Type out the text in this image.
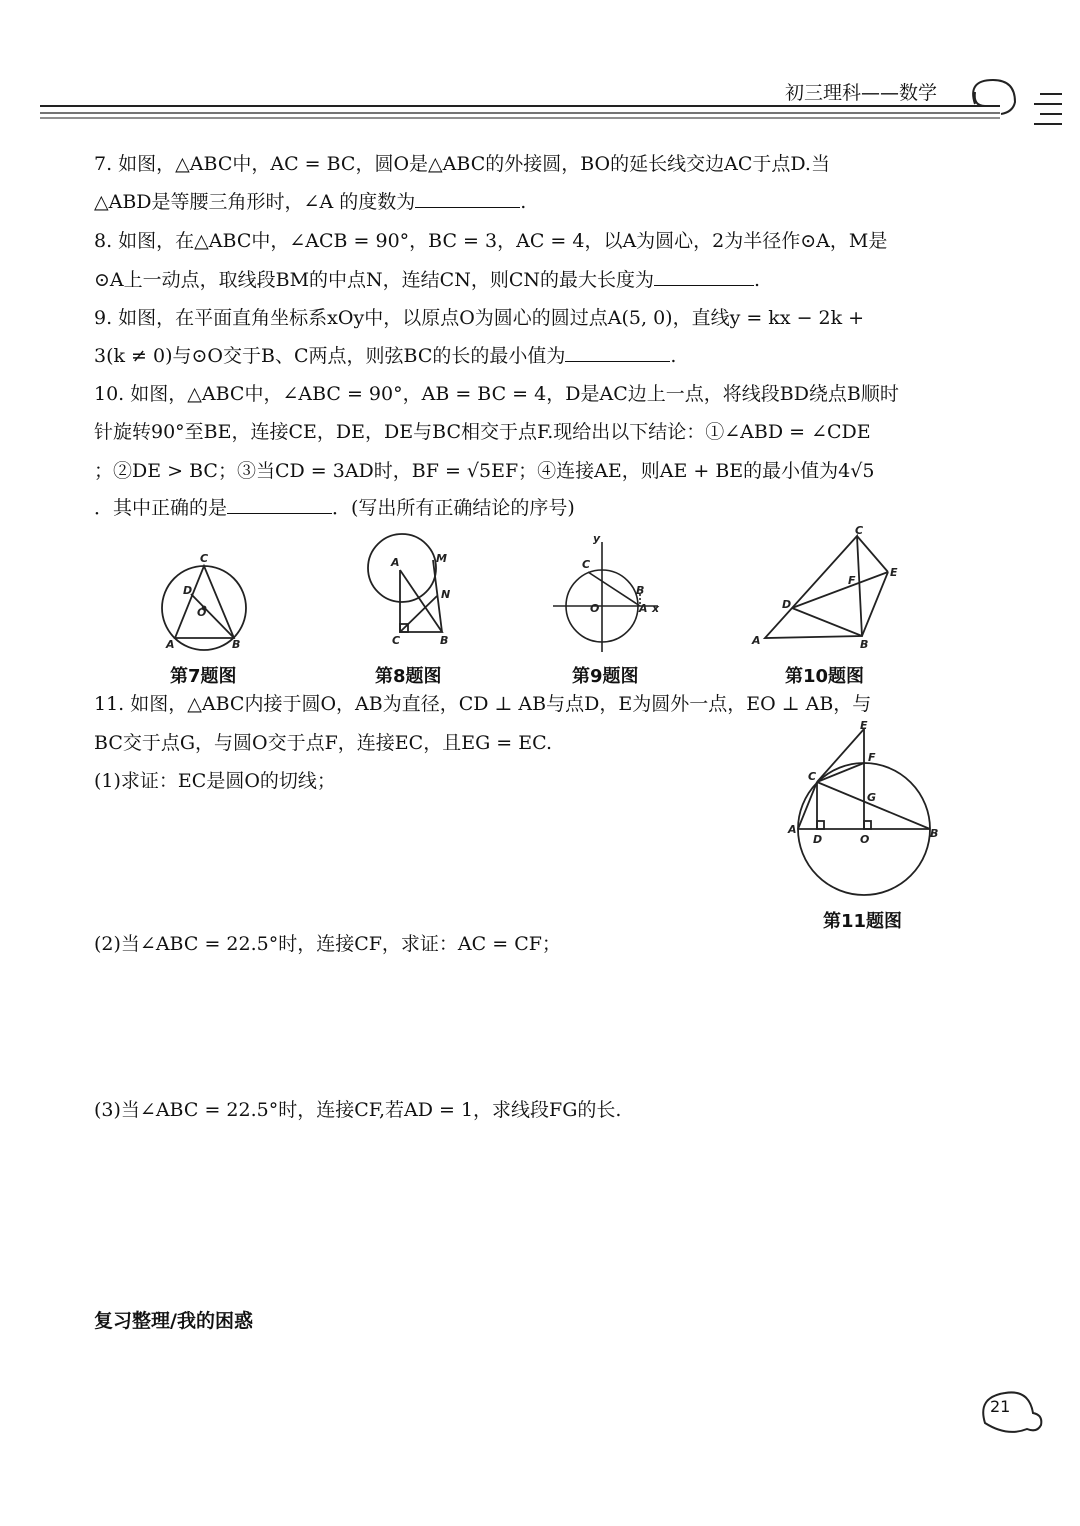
初三理科——数学
7. 如图，△ABC中，AC = BC，圆O是△ABC的外接圆，BO的延长线交边AC于点D.当
△ABD是等腰三角形时，∠A 的度数为	.
8. 如图，在△ABC中，∠ACB = 90°，BC = 3，AC = 4，以A为圆心，2为半径作⊙A，M是
⊙A上一动点，取线段BM的中点N，连结CN，则CN的最大长度为	.
9. 如图，在平面直角坐标系xOy中，以原点O为圆心的圆过点A(5, 0)，直线y = kx − 2k +
3(k ≠ 0)与⊙O交于B、C两点，则弦BC的长的最小值为	.
10. 如图，△ABC中，∠ABC = 90°，AB = BC = 4，D是AC边上一点，将线段BD绕点B顺时
针旋转90°至BE，连接CE，DE，DE与BC相交于点F.现给出以下结论：①∠ABD = ∠CDE
；②DE > BC；③当CD = 3AD时，BF = √5EF；④连接AE，则AE + BE的最小值为4√5
．其中正确的是	．(写出所有正确结论的序号)
C
D
O
A	B
A	M
N
C	B
y
C
B
O	A x
C
E
F
D
A	B
第7题图	第8题图	第9题图	第10题图
11. 如图，△ABC内接于圆O，AB为直径，CD ⊥ AB与点D，E为圆外一点，EO ⊥ AB，与
BC交于点G，与圆O交于点F，连接EC，且EG = EC.
(1)求证：EC是圆O的切线；
E
F
C
G
A
D	O	B
第11题图
(2)当∠ABC = 22.5°时，连接CF，求证：AC = CF；
(3)当∠ABC = 22.5°时，连接CF,若AD = 1，求线段FG的长.
复习整理/我的困惑
21
